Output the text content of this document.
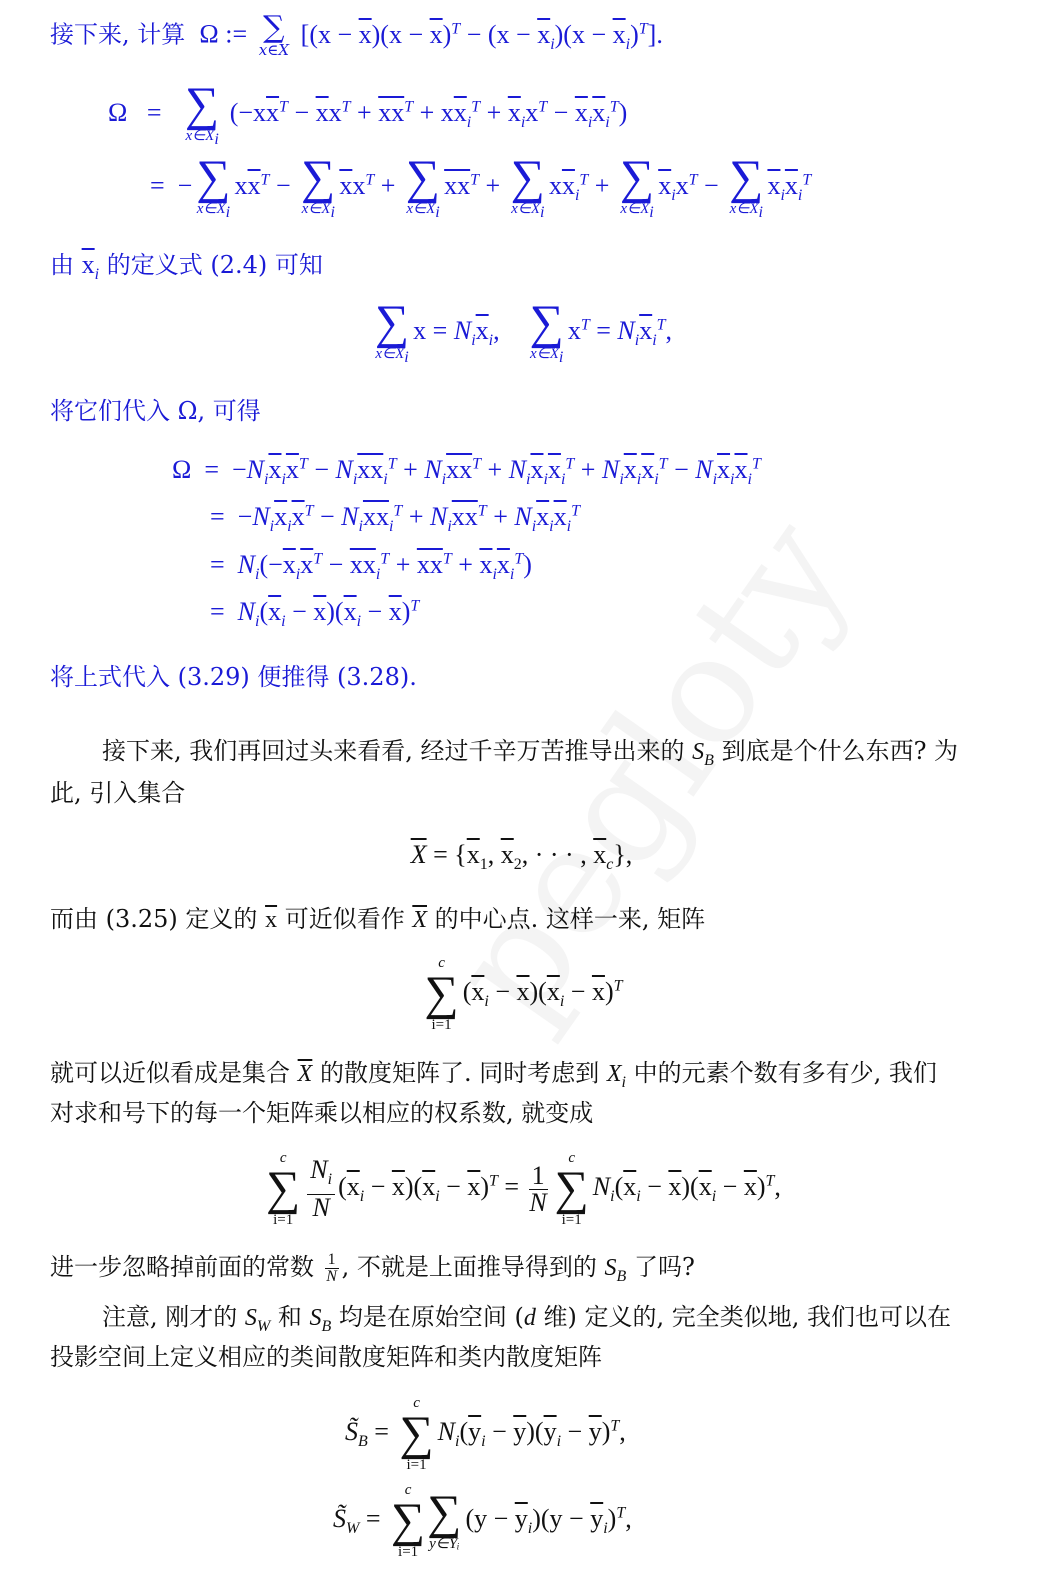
接下来, 计算  Ω := ∑
x∈X
$[(x - \overline{x})(x - \overline{x})^T - (x - \overline{x}_i)(x - \overline{x}_i)^T]$.
Ω   = ∑
$x\in X_i$
$(-x\overline{x}^T - \overline{x}x^T + \overline{xx}^T + x\overline{x}_i^T + \overline{x}_ix^T - \overline{x}_i\overline{x}_i^T)$
=  − ∑
$x\in X_i$
$x\overline{x}^T$ − ∑
$x\in X_i$
$\overline{x}x^T$ + ∑
$x\in X_i$
$\overline{xx}^T$ + ∑
$x\in X_i$
$x\overline{x}_i^T$ + ∑
$x\in X_i$
$\overline{x}_ix^T$ − ∑
$x\in X_i$
$\overline{x}_i\overline{x}_i^T$
由 $\overline{x}_i$ 的定义式 (2.4) 可知
∑
$x\in X_i$
$x = N_i\overline{x}_i$, ∑
$x\in X_i$
$x^T = N_i\overline{x}_i^T$,
将它们代入 Ω, 可得
$\Omega = -N_i\overline{x}_i\overline{x}^T - N_i\overline{xx}_i^T + N_i\overline{xx}^T + N_i\overline{x}_i\overline{x}_i^T + N_i\overline{x}_i\overline{x}_i^T - N_i\overline{x}_i\overline{x}_i^T$
=  $-N_i\overline{x}_i\overline{x}^T - N_i\overline{xx}_i^T + N_i\overline{xx}^T + N_i\overline{x}_i\overline{x}_i^T$
=  $N_i(-\overline{x}_i\overline{x}^T - \overline{xx}_i^T + \overline{xx}^T + \overline{x}_i\overline{x}_i^T)$
=  $N_i(\overline{x}_i - \overline{x})(\overline{x}_i - \overline{x})^T$
将上式代入 (3.29) 便推得 (3.28).
接下来, 我们再回过头来看看, 经过千辛万苦推导出来的 $S_B$ 到底是个什么东西? 为
此, 引入集合
$\overline{X} = \{\overline{x}_1$, $\overline{x}_2$, · · · , $\overline{x}_c$},
而由 (3.25) 定义的 $\overline{x}$ 可近似看作 $\overline{X}$ 的中心点. 这样一来, 矩阵
c
∑
i=1
$(\overline{x}_i - \overline{x})(\overline{x}_i - \overline{x})^T$
就可以近似看成是集合 $\overline{X}$ 的散度矩阵了. 同时考虑到 $X_i$ 中的元素个数有多有少, 我们
对求和号下的每一个矩阵乘以相应的权系数, 就变成
c
∑
$i=1 \frac{N_i}{N} (\overline{x}_i - \overline{x})(\overline{x}_i - \overline{x})^T = \frac{1}{N}$
c
∑
i=1
$N_i(\overline{x}_i - \overline{x})(\overline{x}_i - \overline{x})^T$,
进一步忽略掉前面的常数 $\frac{1}{N}$ , 不就是上面推导得到的 $S_B$ 了吗?
注意, 刚才的 $S_W$ 和 $S_B$ 均是在原始空间 (d 维) 定义的, 完全类似地, 我们也可以在
投影空间上定义相应的类间散度矩阵和类内散度矩阵
$S̃_B$ =
c
∑
i=1
$N_i(\overline{y}_i - \overline{y})(\overline{y}_i - \overline{y})^T$,
$S̃_W$ =
c
∑
i=1
∑
y∈Yᵢ
$(y - \overline{y}_i)(y - \overline{y}_i)^T$,
